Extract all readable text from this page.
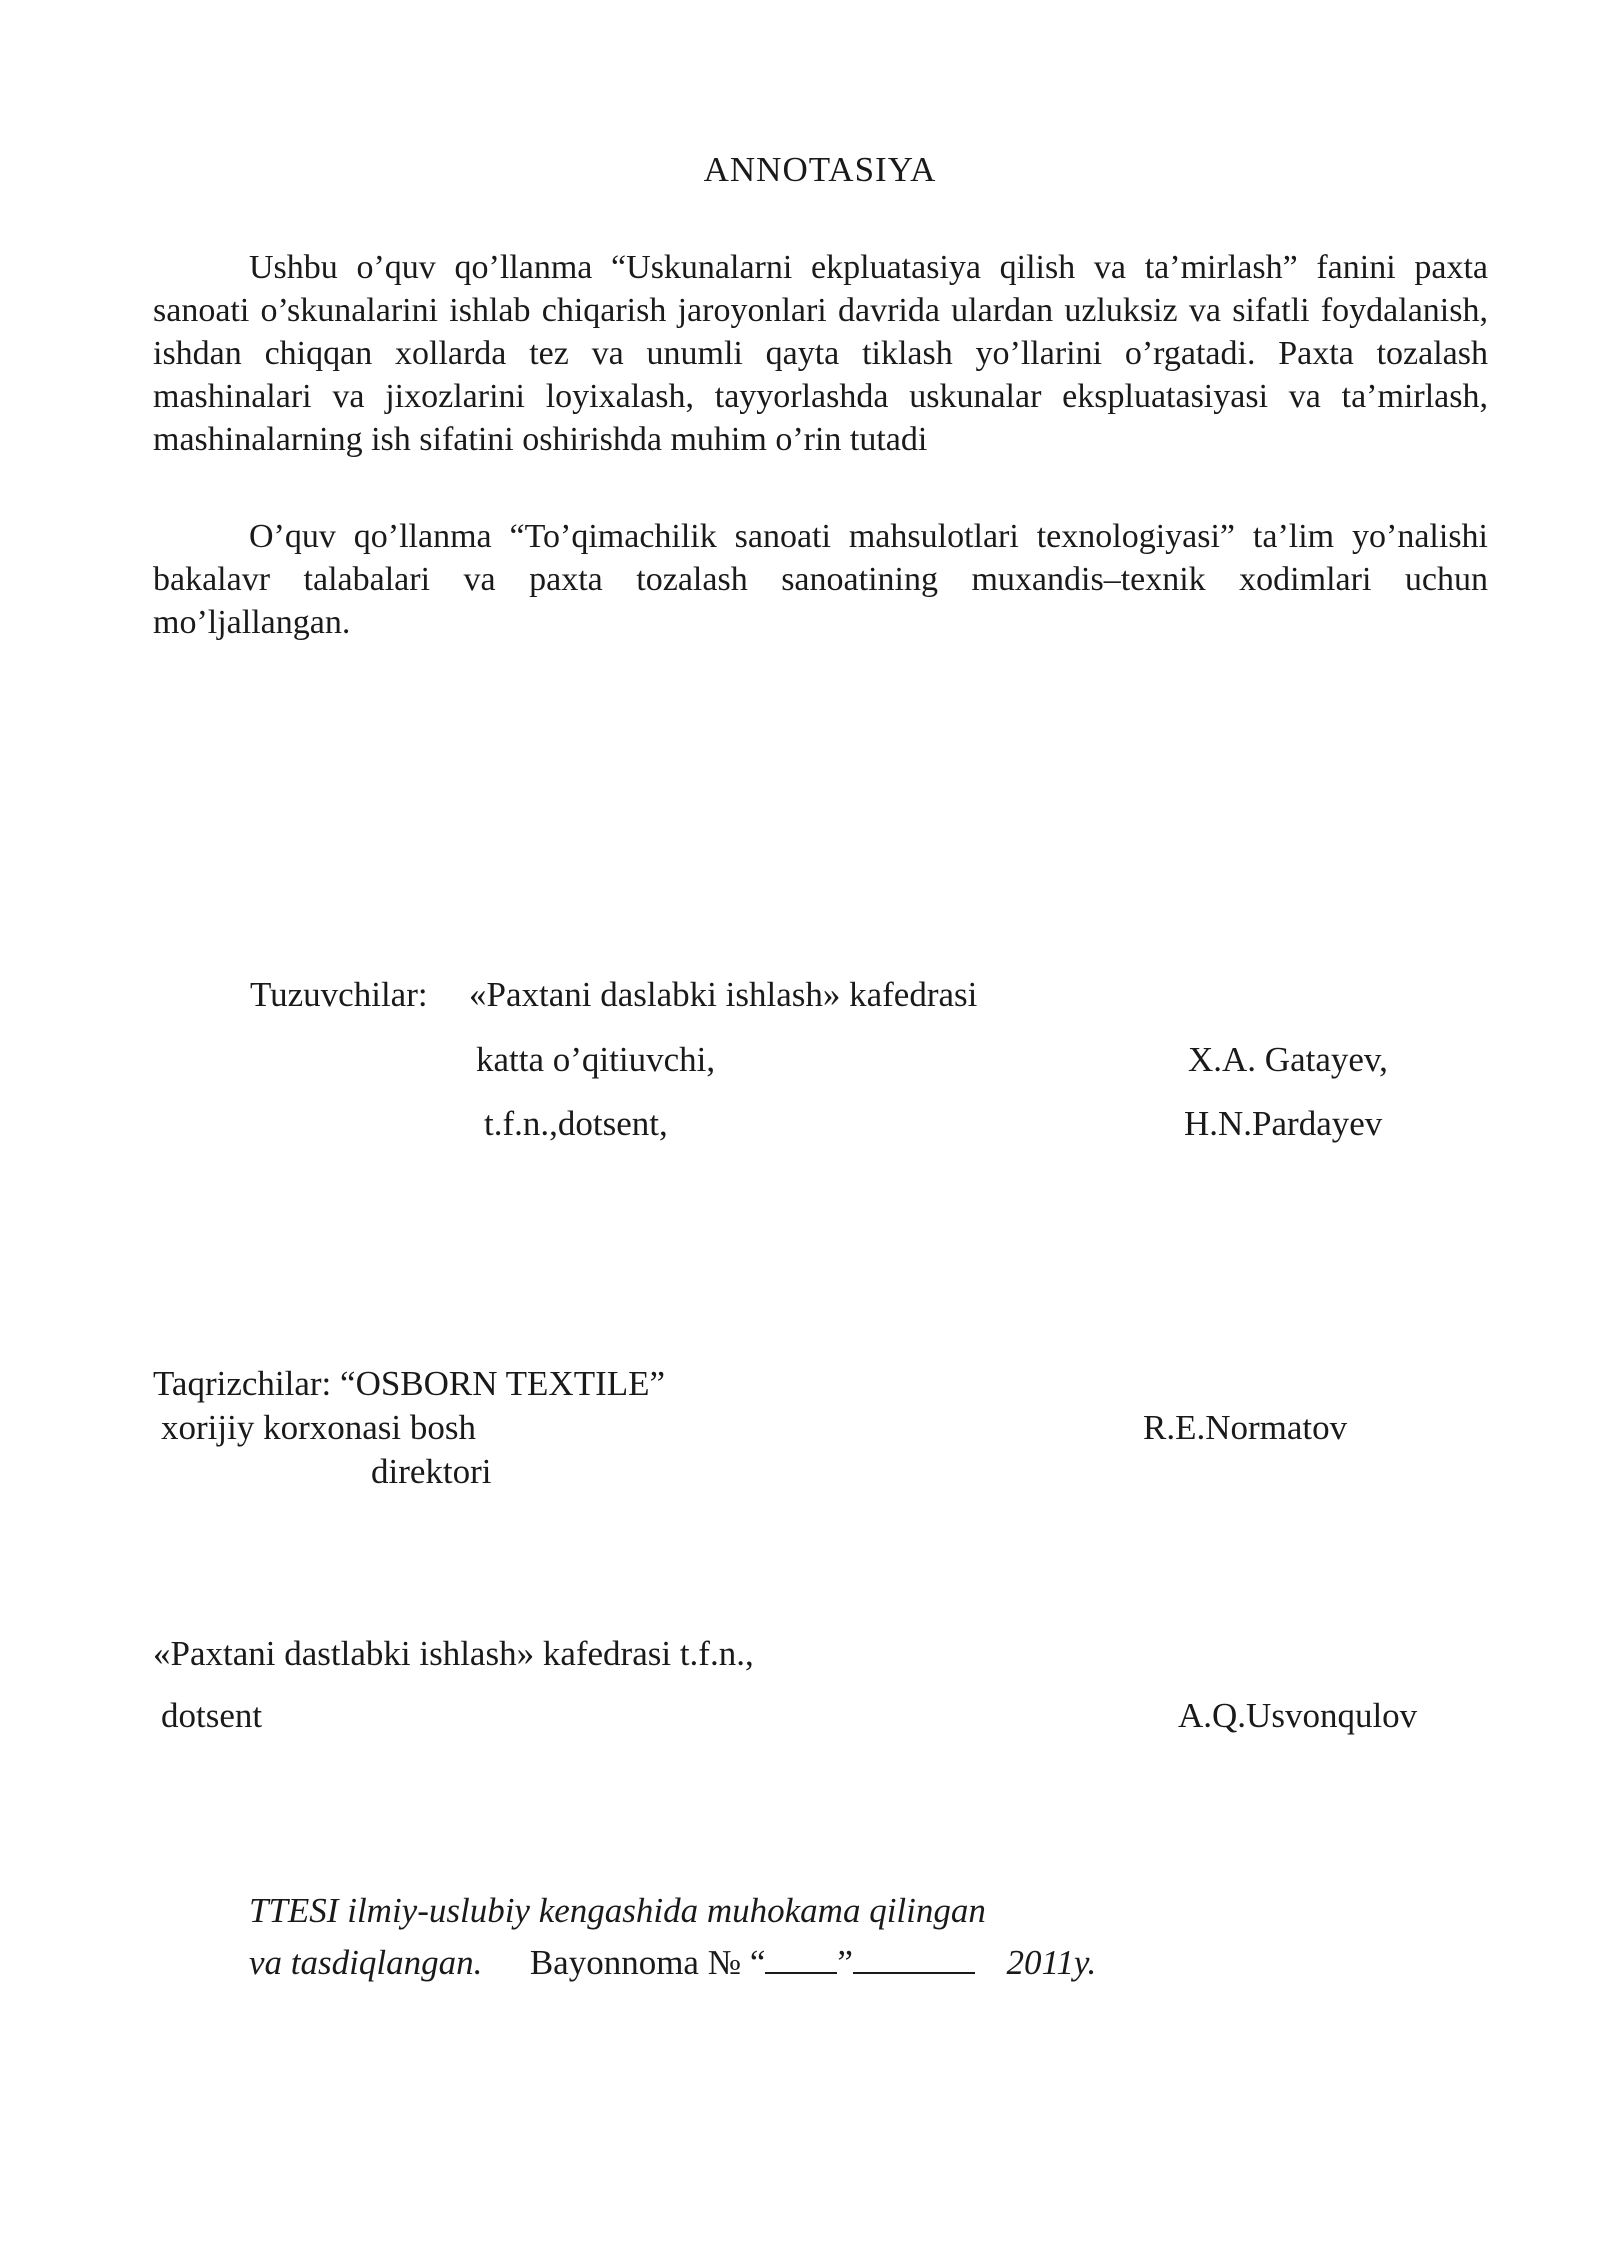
ANNOTASIYA

Ushbu o’quv qo’llanma “Uskunalarni ekpluatasiya qilish va ta’mirlash” fanini paxta sanoati o’skunalarini ishlab chiqarish jaroyonlari davrida ulardan uzluksiz va sifatli foydalanish, ishdan chiqqan xollarda tez va unumli qayta tiklash yo’llarini o’rgatadi. Paxta tozalash mashinalari va jixozlarini loyixalash, tayyorlashda uskunalar ekspluatasiyasi va ta’mirlash, mashinalarning ish sifatini oshirishda muhim o’rin tutadi

O’quv qo’llanma “To’qimachilik sanoati mahsulotlari texnologiyasi” ta’lim yo’nalishi bakalavr talabalari va paxta tozalash sanoatining muxandis–texnik xodimlari uchun mo’ljallangan.

Tuzuvchilar: «Paxtani daslabki ishlash» kafedrasi
katta o’qitiuvchi,	X.A. Gatayev,
t.f.n.,dotsent,	H.N.Pardayev
Taqrizchilar: “OSBORN TEXTILE”
xorijiy korxonasi bosh
direktori
R.E.Normatov
«Paxtani dastlabki ishlash» kafedrasi t.f.n.,
dotsent	A.Q.Usvonqulov
TTESI ilmiy-uslubiy kengashida muhokama qilingan
va tasdiqlangan. Bayonnoma № “ ”	2011y.
